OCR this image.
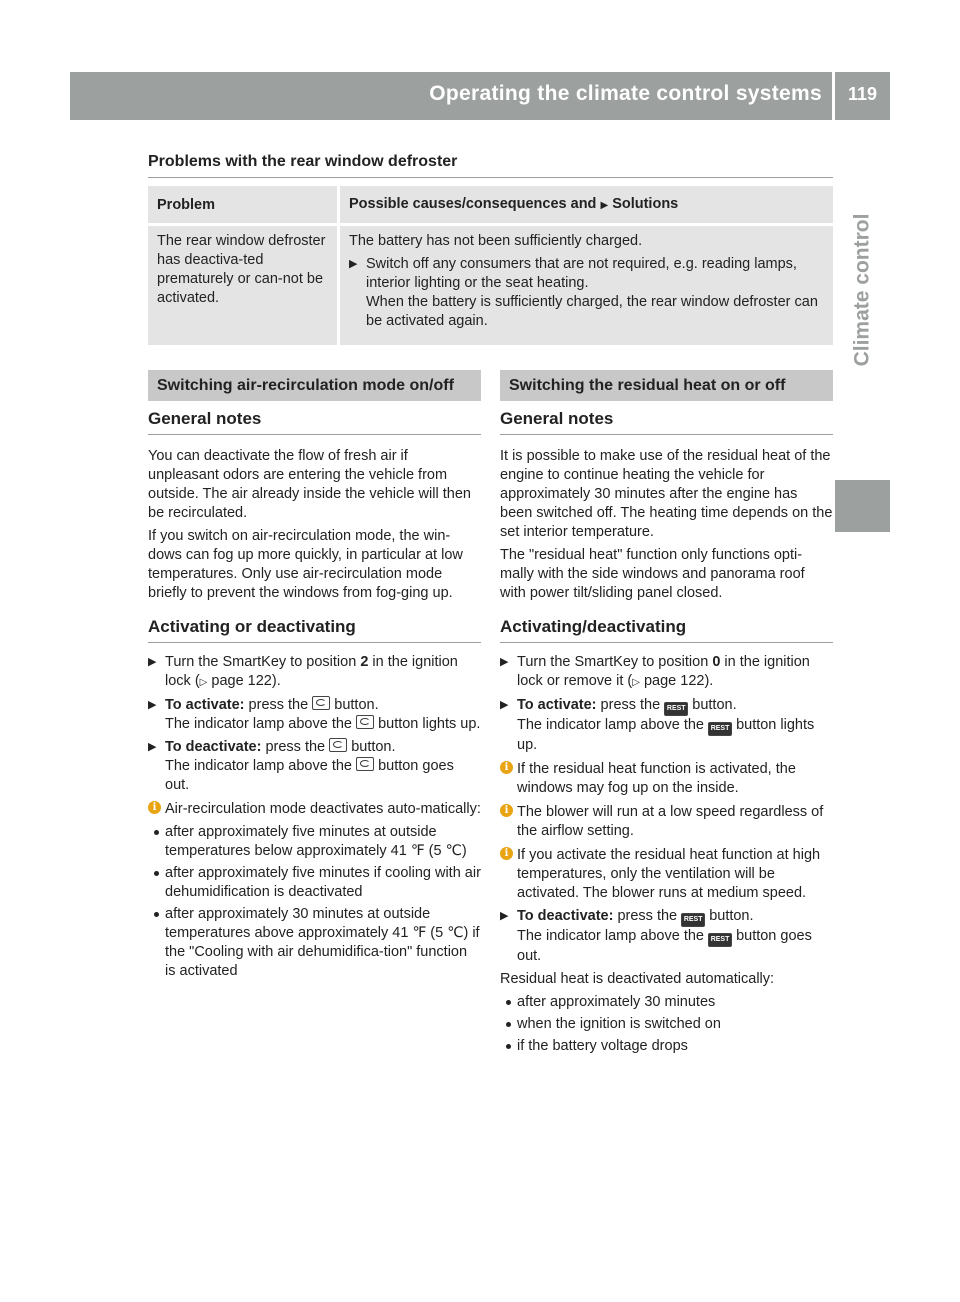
Operating the climate control systems	119
Climate control
Problems with the rear window defroster
Problem	Possible causes/consequences and ▶ Solutions
The rear window defroster has deactiva-ted prematurely or can-not be activated.	The battery has not been sufficiently charged.

▶ Switch off any consumers that are not required, e.g. reading lamps, interior lighting or the seat heating.
When the battery is sufficiently charged, the rear window defroster can be activated again.
Switching air-recirculation mode on/off
General notes

You can deactivate the flow of fresh air if unpleasant odors are entering the vehicle from outside. The air already inside the vehicle will then be recirculated.

If you switch on air-recirculation mode, the win-dows can fog up more quickly, in particular at low temperatures. Only use air-recirculation mode briefly to prevent the windows from fog-ging up.

Activating or deactivating
▶ Turn the SmartKey to position 2 in the ignition lock (▷ page 122).
▶ To activate: press the button.
The indicator lamp above the button lights up.
▶ To deactivate: press the button.
The indicator lamp above the button goes out.
i Air-recirculation mode deactivates auto-matically:
after approximately five minutes at outside temperatures below approximately 41 ℉ (5 ℃)
after approximately five minutes if cooling with air dehumidification is deactivated
after approximately 30 minutes at outside temperatures above approximately 41 ℉ (5 ℃) if the "Cooling with air dehumidifica-tion" function is activated
Switching the residual heat on or off
General notes

It is possible to make use of the residual heat of the engine to continue heating the vehicle for approximately 30 minutes after the engine has been switched off. The heating time depends on the set interior temperature.

The "residual heat" function only functions opti-mally with the side windows and panorama roof with power tilt/sliding panel closed.

Activating/deactivating
▶ Turn the SmartKey to position 0 in the ignition lock or remove it (▷ page 122).
▶ To activate: press the REST button.
The indicator lamp above the REST button lights up.
i If the residual heat function is activated, the windows may fog up on the inside.
i The blower will run at a low speed regardless of the airflow setting.
i If you activate the residual heat function at high temperatures, only the ventilation will be activated. The blower runs at medium speed.
▶ To deactivate: press the REST button.
The indicator lamp above the REST button goes out.

Residual heat is deactivated automatically:

after approximately 30 minutes
when the ignition is switched on
if the battery voltage drops
